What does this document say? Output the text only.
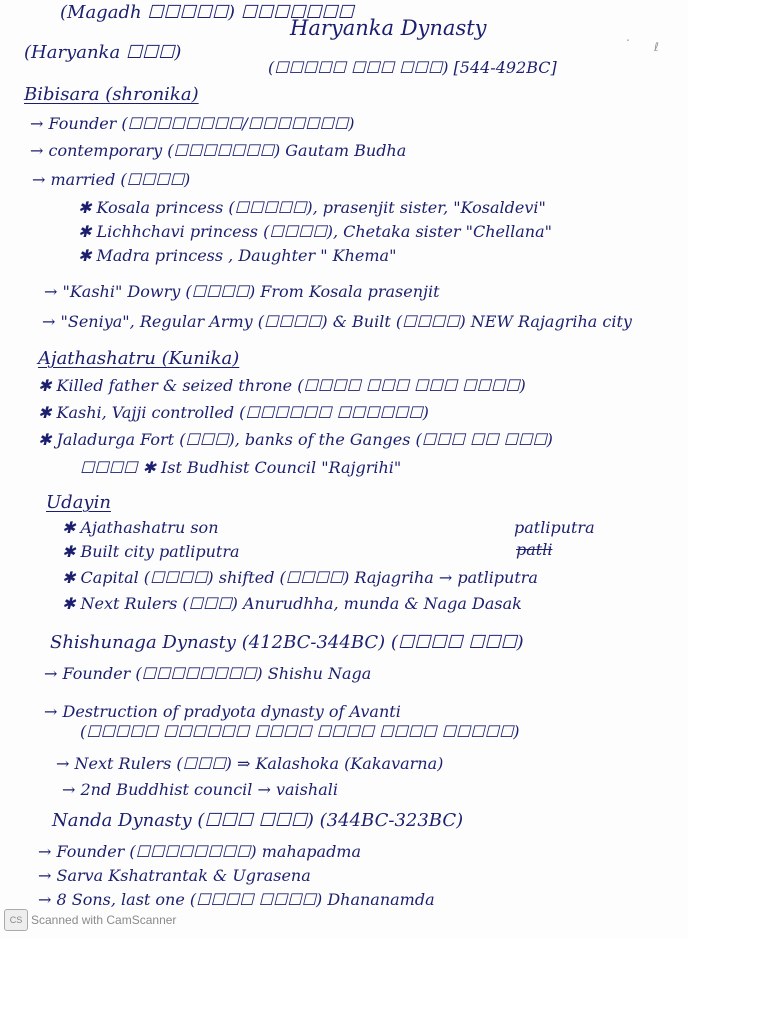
(Magadh ☐☐☐☐☐) ☐☐☐☐☐☐☐
Haryanka Dynasty
(Haryanka ☐☐☐)
(☐☐☐☐☐ ☐☐☐ ☐☐☐) [544-492BC]
Bibisara (shronika)
→ Founder (☐☐☐☐☐☐☐☐/☐☐☐☐☐☐☐)
→ contemporary (☐☐☐☐☐☐☐) Gautam Budha
→ married (☐☐☐☐)
✱ Kosala princess (☐☐☐☐☐), prasenjit sister, "Kosaldevi"
✱ Lichhchavi princess (☐☐☐☐), Chetaka sister "Chellana"
✱ Madra princess , Daughter " Khema"
→ "Kashi" Dowry (☐☐☐☐) From Kosala prasenjit
→ "Seniya", Regular Army (☐☐☐☐) & Built (☐☐☐☐) NEW Rajagriha city
Ajathashatru (Kunika)
✱ Killed father & seized throne (☐☐☐☐ ☐☐☐ ☐☐☐ ☐☐☐☐)
✱ Kashi, Vajji controlled (☐☐☐☐☐☐ ☐☐☐☐☐☐)
✱ Jaladurga Fort (☐☐☐), banks of the Ganges (☐☐☐ ☐☐ ☐☐☐)
☐☐☐☐ ✱ Ist Budhist Council "Rajgrihi"
Udayin
✱ Ajathashatru son	patliputra
patli
✱ Built city patliputra
✱ Capital (☐☐☐☐) shifted (☐☐☐☐) Rajagriha → patliputra
✱ Next Rulers (☐☐☐) Anurudhha, munda & Naga Dasak
Shishunaga Dynasty (412BC-344BC) (☐☐☐☐ ☐☐☐)
→ Founder (☐☐☐☐☐☐☐☐) Shishu Naga
→ Destruction of pradyota dynasty of Avanti
(☐☐☐☐☐ ☐☐☐☐☐☐ ☐☐☐☐ ☐☐☐☐ ☐☐☐☐ ☐☐☐☐☐)
→ Next Rulers (☐☐☐) ⇒ Kalashoka (Kakavarna)
→ 2nd Buddhist council → vaishali
Nanda Dynasty (☐☐☐ ☐☐☐) (344BC-323BC)
→ Founder (☐☐☐☐☐☐☐☐) mahapadma
→ Sarva Kshatrantak & Ugrasena
→ 8 Sons, last one (☐☐☐☐ ☐☐☐☐) Dhananamda
.
ℓ
CS Scanned with CamScanner
